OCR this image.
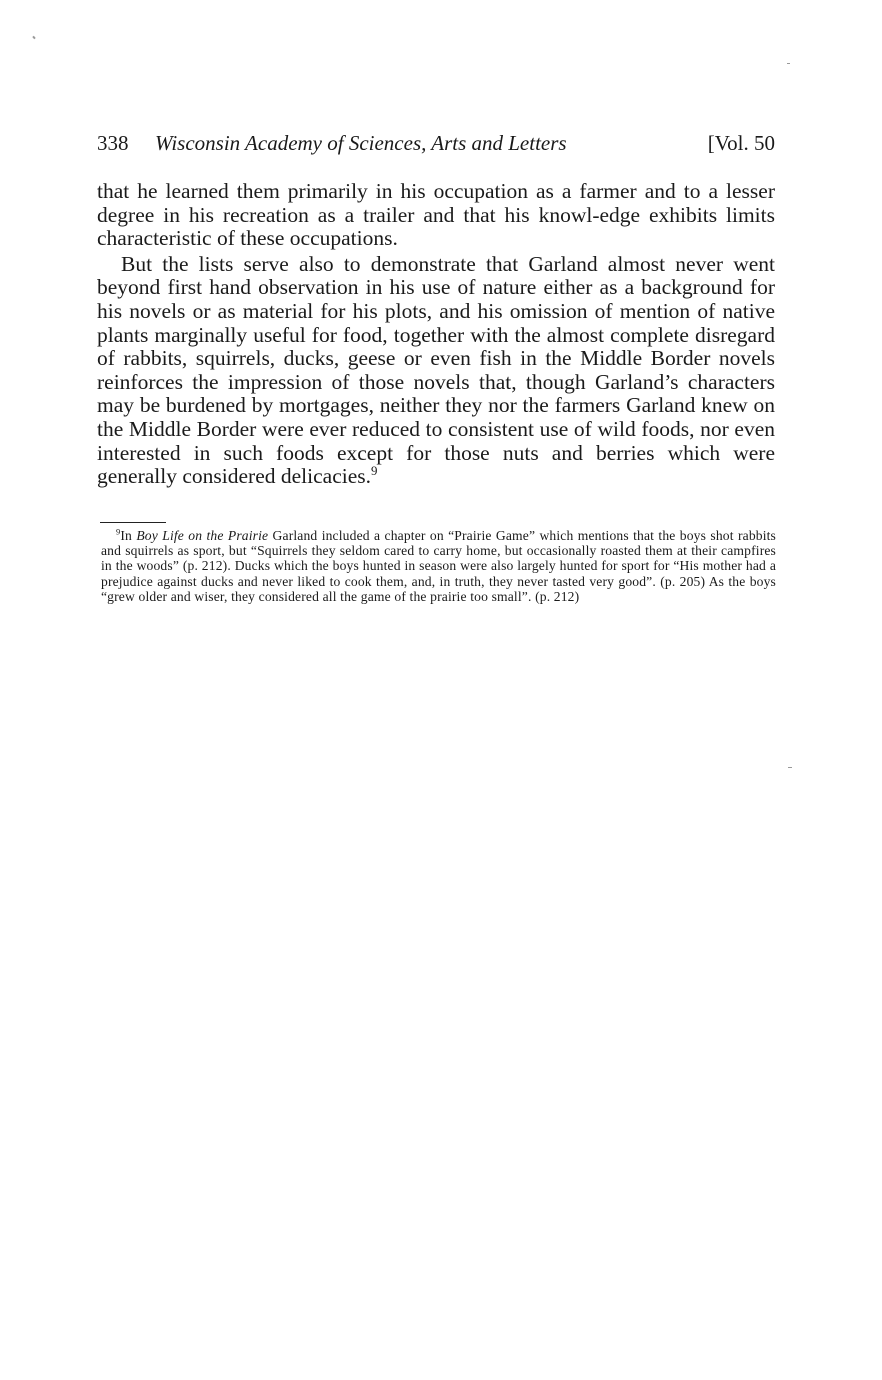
338 Wisconsin Academy of Sciences, Arts and Letters	[Vol. 50

that he learned them primarily in his occupation as a farmer and to a lesser degree in his recreation as a trailer and that his knowl-edge exhibits limits characteristic of these occupations.

But the lists serve also to demonstrate that Garland almost never went beyond first hand observation in his use of nature either as a background for his novels or as material for his plots, and his omission of mention of native plants marginally useful for food, together with the almost complete disregard of rabbits, squirrels, ducks, geese or even fish in the Middle Border novels reinforces the impression of those novels that, though Garland’s characters may be burdened by mortgages, neither they nor the farmers Garland knew on the Middle Border were ever reduced to consistent use of wild foods, nor even interested in such foods except for those nuts and berries which were generally considered delicacies.$^9$

$^9$In Boy Life on the Prairie Garland included a chapter on “Prairie Game” which mentions that the boys shot rabbits and squirrels as sport, but “Squirrels they seldom cared to carry home, but occasionally roasted them at their campfires in the woods” (p. 212). Ducks which the boys hunted in season were also largely hunted for sport for “His mother had a prejudice against ducks and never liked to cook them, and, in truth, they never tasted very good”. (p. 205) As the boys “grew older and wiser, they considered all the game of the prairie too small”. (p. 212)
